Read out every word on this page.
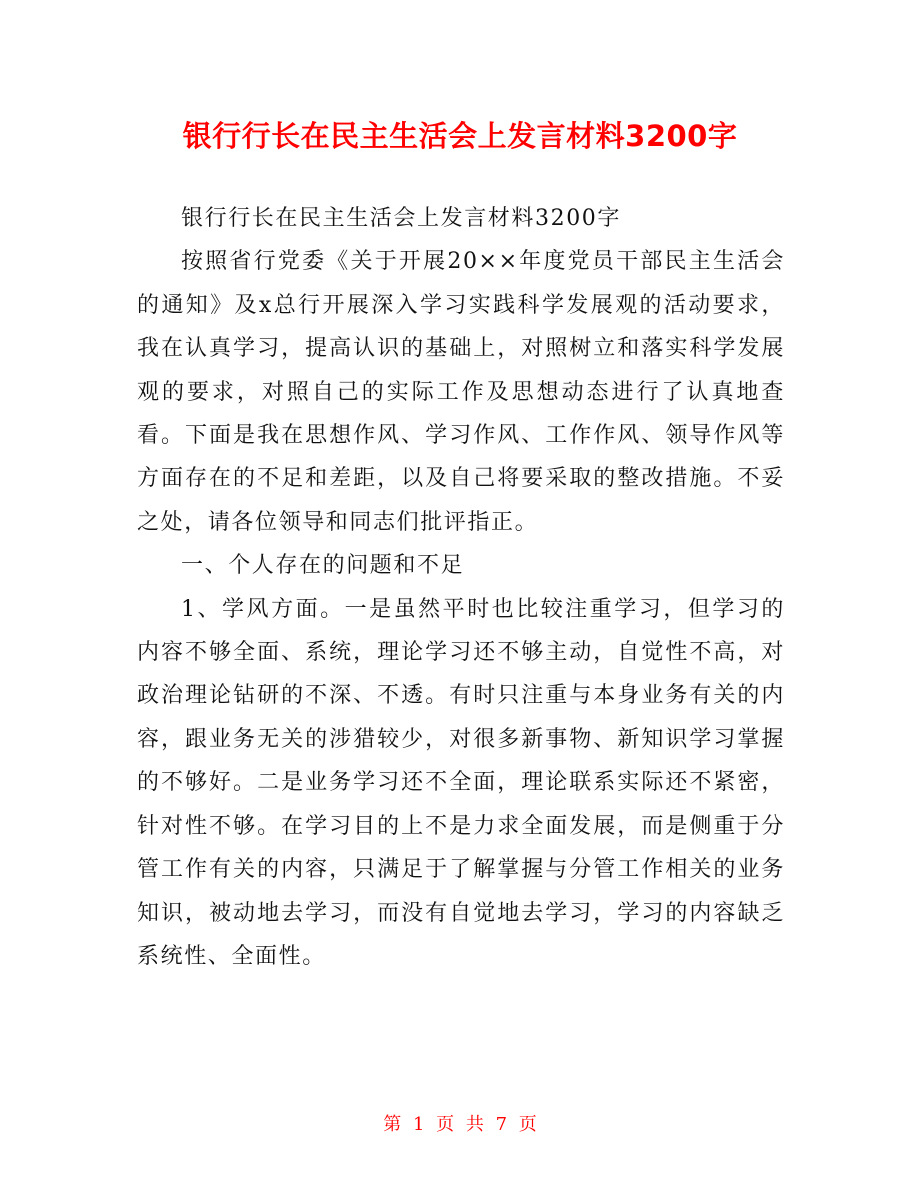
银行行长在民主生活会上发言材料3200字

银行行长在民主生活会上发言材料3200字

按照省行党委《关于开展20××年度党员干部民主生活会的通知》及x总行开展深入学习实践科学发展观的活动要求，我在认真学习，提高认识的基础上，对照树立和落实科学发展观的要求，对照自己的实际工作及思想动态进行了认真地查看。下面是我在思想作风、学习作风、工作作风、领导作风等方面存在的不足和差距，以及自己将要采取的整改措施。不妥之处，请各位领导和同志们批评指正。

一、个人存在的问题和不足

1、学风方面。一是虽然平时也比较注重学习，但学习的内容不够全面、系统，理论学习还不够主动，自觉性不高，对政治理论钻研的不深、不透。有时只注重与本身业务有关的内容，跟业务无关的涉猎较少，对很多新事物、新知识学习掌握的不够好。二是业务学习还不全面，理论联系实际还不紧密，针对性不够。在学习目的上不是力求全面发展，而是侧重于分管工作有关的内容，只满足于了解掌握与分管工作相关的业务知识，被动地去学习，而没有自觉地去学习，学习的内容缺乏系统性、全面性。

第 1 页 共 7 页
